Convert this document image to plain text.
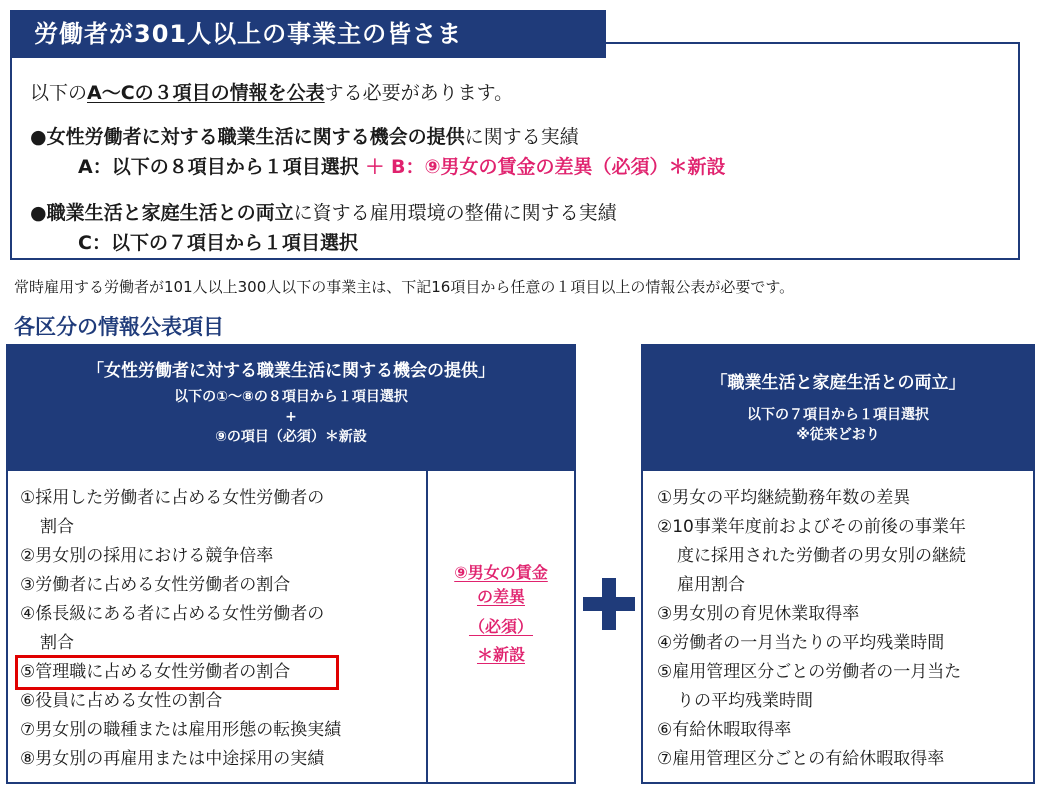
以下のA〜Cの３項目の情報を公表する必要があります。
●女性労働者に対する職業生活に関する機会の提供に関する実績
A：以下の８項目から１項目選択 ＋ B：⑨男女の賃金の差異（必須）＊新設
●職業生活と家庭生活との両立に資する雇用環境の整備に関する実績
C：以下の７項目から１項目選択
労働者が301人以上の事業主の皆さま
常時雇用する労働者が101人以上300人以下の事業主は、下記16項目から任意の１項目以上の情報公表が必要です。
各区分の情報公表項目
「女性労働者に対する職業生活に関する機会の提供」
以下の①〜⑧の８項目から１項目選択
+
⑨の項目（必須）＊新設
①採用した労働者に占める女性労働者の
割合
②男女別の採用における競争倍率
③労働者に占める女性労働者の割合
④係長級にある者に占める女性労働者の
割合
⑤管理職に占める女性労働者の割合
⑥役員に占める女性の割合
⑦男女別の職種または雇用形態の転換実績
⑧男女別の再雇用または中途採用の実績
⑨男女の賃金
の差異
（必須）
＊新設
「職業生活と家庭生活との両立」
以下の７項目から１項目選択
※従来どおり
①男女の平均継続勤務年数の差異
②10事業年度前およびその前後の事業年
度に採用された労働者の男女別の継続
雇用割合
③男女別の育児休業取得率
④労働者の一月当たりの平均残業時間
⑤雇用管理区分ごとの労働者の一月当た
りの平均残業時間
⑥有給休暇取得率
⑦雇用管理区分ごとの有給休暇取得率
